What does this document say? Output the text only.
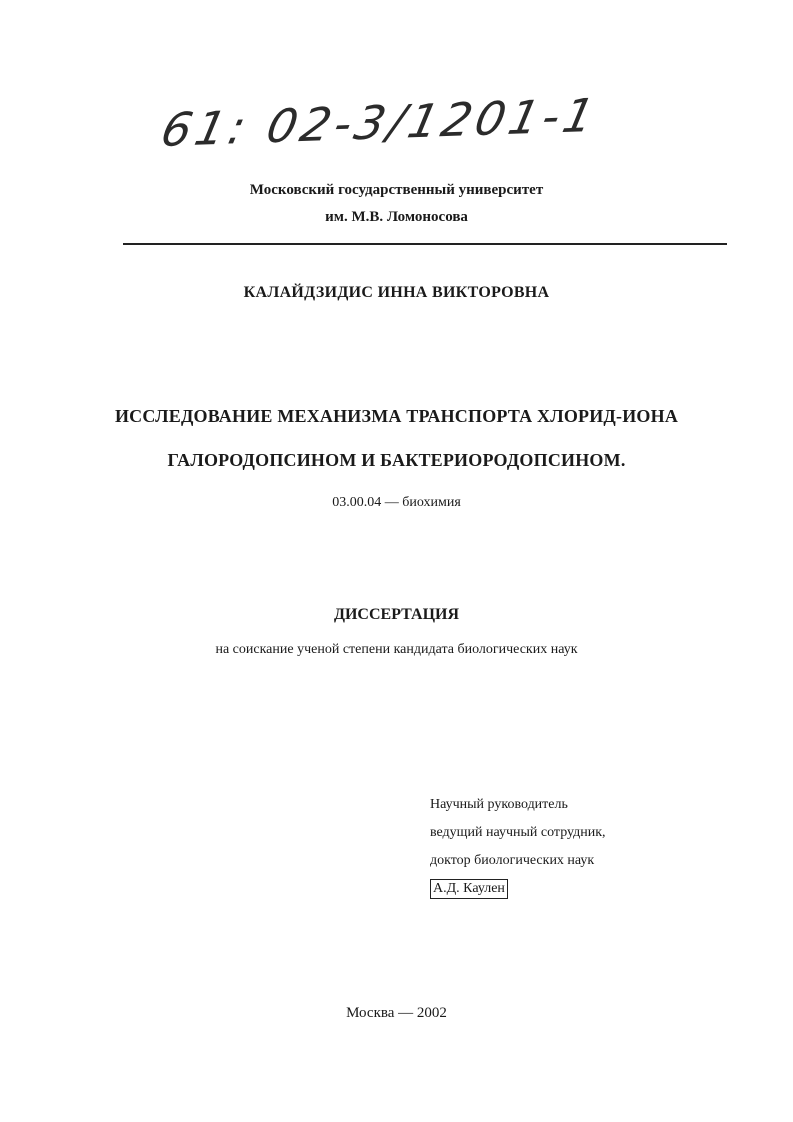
61: 02-3/1201-1
Московский государственный университет
им. М.В. Ломоносова
КАЛАЙДЗИДИС ИННА ВИКТОРОВНА
ИССЛЕДОВАНИЕ МЕХАНИЗМА ТРАНСПОРТА ХЛОРИД-ИОНА
ГАЛОРОДОПСИНОМ И БАКТЕРИОРОДОПСИНОМ.
03.00.04 — биохимия
ДИССЕРТАЦИЯ
на соискание ученой степени кандидата биологических наук
Научный руководитель
ведущий научный сотрудник,
доктор биологических наук
А.Д. Каулен
Москва — 2002
